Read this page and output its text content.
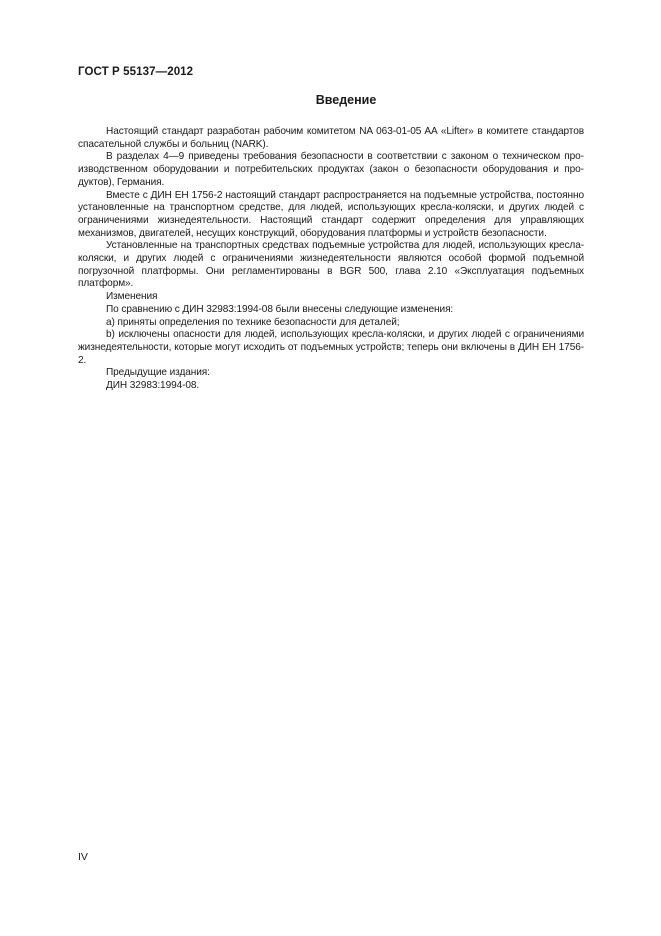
ГОСТ Р 55137—2012
Введение

Настоящий стандарт разработан рабочим комитетом NA 063-01-05 AA «Lifter» в комитете стандартов спасательной службы и больниц (NARK).

В разделах 4—9 приведены требования безопасности в соответствии с законом о техническом производственном оборудовании и потребительских продуктах (закон о безопасности оборудования и продуктов), Германия.

Вместе с ДИН ЕН 1756-2 настоящий стандарт распространяется на подъемные устройства, постоянно установленные на транспортном средстве, для людей, использующих кресла-коляски, и других людей с ограничениями жизнедеятельности. Настоящий стандарт содержит определения для управляющих механизмов, двигателей, несущих конструкций, оборудования платформы и устройств безопасности.

Установленные на транспортных средствах подъемные устройства для людей, использующих кресла-коляски, и других людей с ограничениями жизнедеятельности являются особой формой подъемной погрузочной платформы. Они регламентированы в BGR 500, глава 2.10 «Эксплуатация подъемных платформ».

Изменения

По сравнению с ДИН 32983:1994-08 были внесены следующие изменения:

а) приняты определения по технике безопасности для деталей;

b) исключены опасности для людей, использующих кресла-коляски, и других людей с ограничениями жизнедеятельности, которые могут исходить от подъемных устройств; теперь они включены в ДИН ЕН 1756-2.

Предыдущие издания:

ДИН 32983:1994-08.

IV
